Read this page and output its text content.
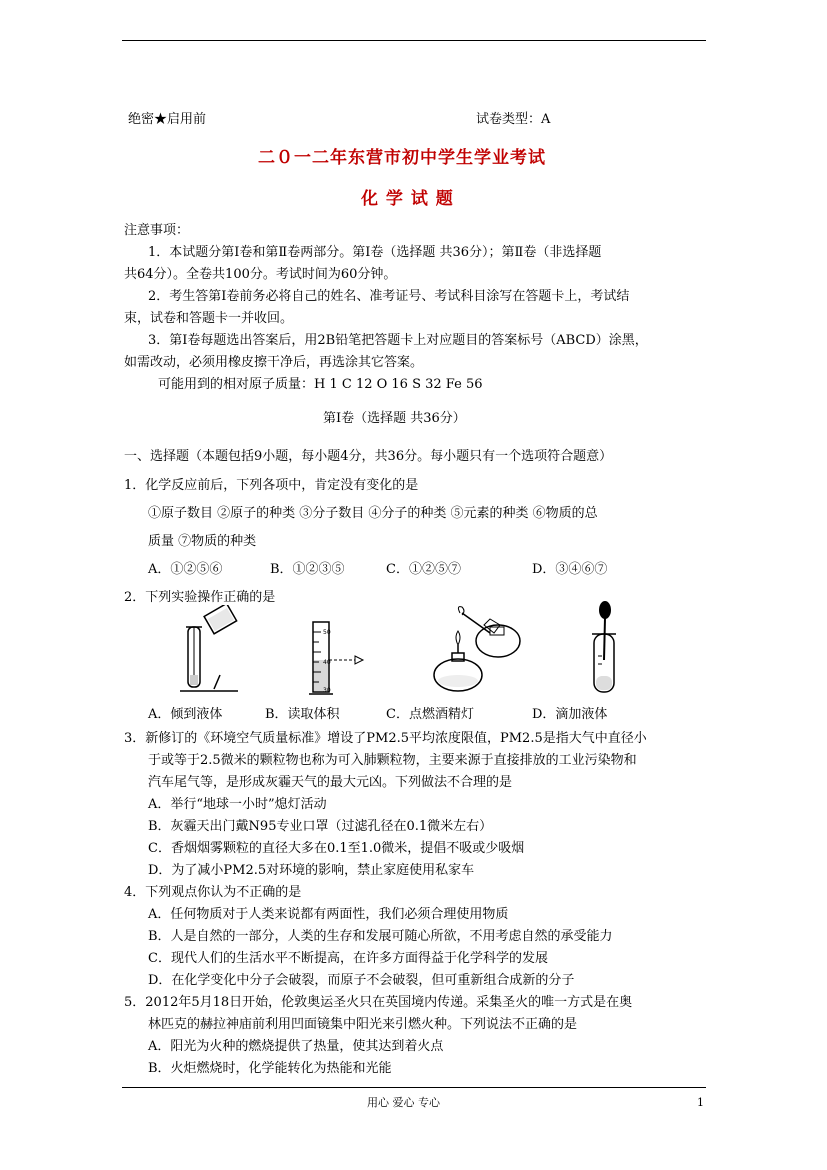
绝密★启用前	试卷类型：A
二０一二年东营市初中学生学业考试
化 学 试 题
注意事项：
1．本试题分第Ⅰ卷和第Ⅱ卷两部分。第Ⅰ卷（选择题 共36分）；第Ⅱ卷（非选择题
共64分）。全卷共100分。考试时间为60分钟。
2．考生答第Ⅰ卷前务必将自己的姓名、准考证号、考试科目涂写在答题卡上，考试结
束，试卷和答题卡一并收回。
3．第Ⅰ卷每题选出答案后，用2B铅笔把答题卡上对应题目的答案标号（ABCD）涂黑，
如需改动，必须用橡皮擦干净后，再选涂其它答案。
可能用到的相对原子质量：H 1 C 12 O 16 S 32 Fe 56
第Ⅰ卷（选择题 共36分）
一、选择题（本题包括9小题，每小题4分，共36分。每小题只有一个选项符合题意）
1．化学反应前后，下列各项中，肯定没有变化的是
①原子数目 ②原子的种类 ③分子数目 ④分子的种类 ⑤元素的种类 ⑥物质的总
质量 ⑦物质的种类
A．①②⑤⑥	B．①②③⑤	C．①②⑤⑦	D．③④⑥⑦
2．下列实验操作正确的是
50
40
30
A．倾到液体	B．读取体积	C．点燃酒精灯	D．滴加液体
3．新修订的《环境空气质量标准》增设了PM2.5平均浓度限值，PM2.5是指大气中直径小
于或等于2.5微米的颗粒物也称为可入肺颗粒物，主要来源于直接排放的工业污染物和
汽车尾气等，是形成灰霾天气的最大元凶。下列做法不合理的是
A．举行“地球一小时”熄灯活动
B．灰霾天出门戴N95专业口罩（过滤孔径在0.1微米左右）
C．香烟烟雾颗粒的直径大多在0.1至1.0微米，提倡不吸或少吸烟
D．为了减小PM2.5对环境的影响，禁止家庭使用私家车
4．下列观点你认为不正确的是
A．任何物质对于人类来说都有两面性，我们必须合理使用物质
B．人是自然的一部分，人类的生存和发展可随心所欲，不用考虑自然的承受能力
C．现代人们的生活水平不断提高，在许多方面得益于化学科学的发展
D．在化学变化中分子会破裂，而原子不会破裂，但可重新组合成新的分子
5．2012年5月18日开始，伦敦奥运圣火只在英国境内传递。采集圣火的唯一方式是在奥
林匹克的赫拉神庙前利用凹面镜集中阳光来引燃火种。下列说法不正确的是
A．阳光为火种的燃烧提供了热量，使其达到着火点
B．火炬燃烧时，化学能转化为热能和光能
用心 爱心 专心	1
